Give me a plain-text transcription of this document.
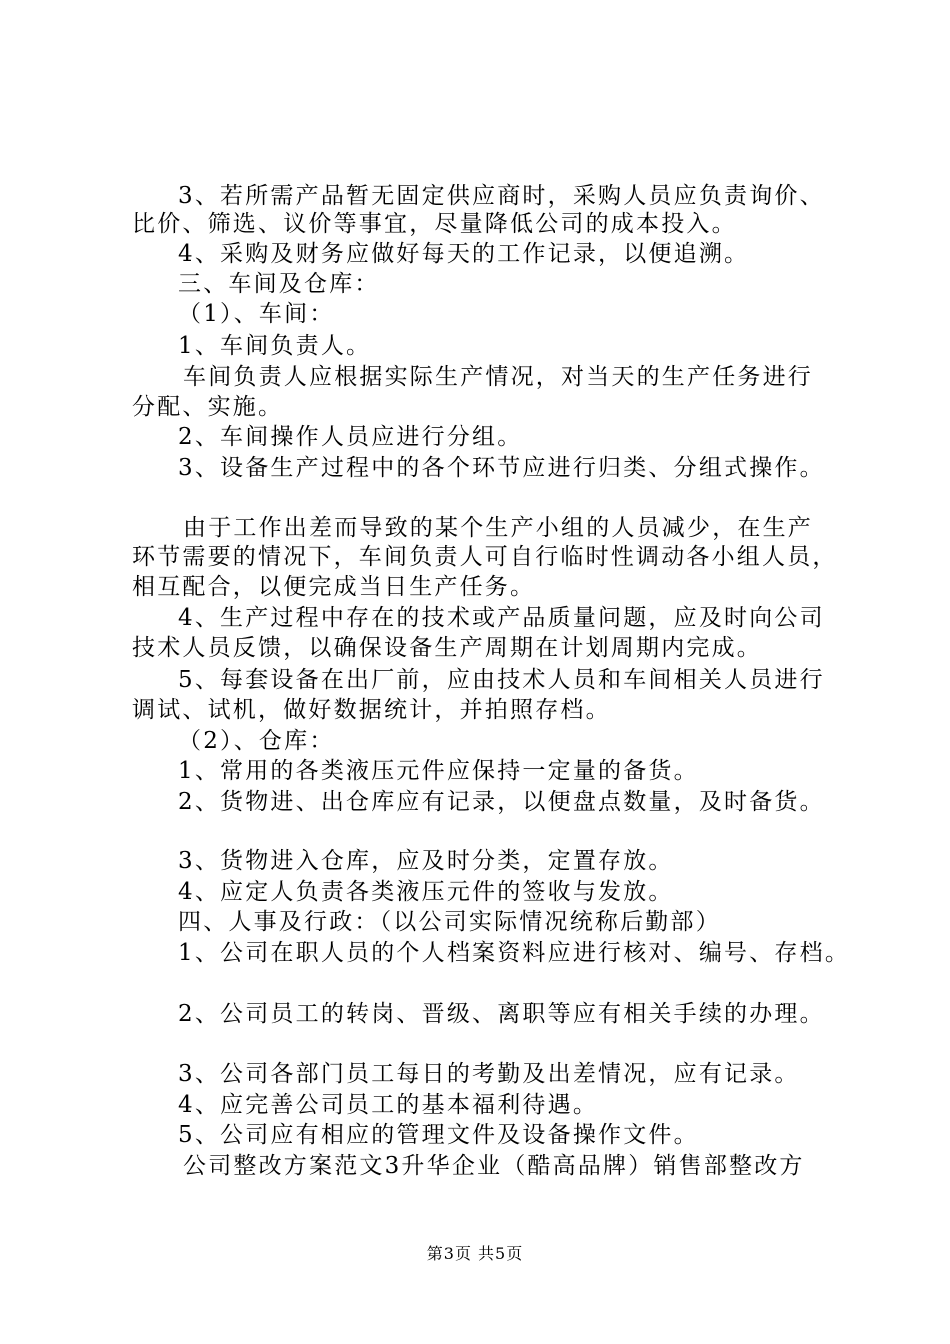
3、若所需产品暂无固定供应商时，采购人员应负责询价、
比价、筛选、议价等事宜，尽量降低公司的成本投入。
4、采购及财务应做好每天的工作记录，以便追溯。
三、车间及仓库：
（1）、车间：
1、车间负责人。
车间负责人应根据实际生产情况，对当天的生产任务进行
分配、实施。
2、车间操作人员应进行分组。
3、设备生产过程中的各个环节应进行归类、分组式操作。
由于工作出差而导致的某个生产小组的人员减少，在生产
环节需要的情况下，车间负责人可自行临时性调动各小组人员，
相互配合，以便完成当日生产任务。
4、生产过程中存在的技术或产品质量问题，应及时向公司
技术人员反馈，以确保设备生产周期在计划周期内完成。
5、每套设备在出厂前，应由技术人员和车间相关人员进行
调试、试机，做好数据统计，并拍照存档。
（2）、仓库：
1、常用的各类液压元件应保持一定量的备货。
2、货物进、出仓库应有记录，以便盘点数量，及时备货。
3、货物进入仓库，应及时分类，定置存放。
4、应定人负责各类液压元件的签收与发放。
四、人事及行政：（以公司实际情况统称后勤部）
1、公司在职人员的个人档案资料应进行核对、编号、存档。
2、公司员工的转岗、晋级、离职等应有相关手续的办理。
3、公司各部门员工每日的考勤及出差情况，应有记录。
4、应完善公司员工的基本福利待遇。
5、公司应有相应的管理文件及设备操作文件。
公司整改方案范文3升华企业（酷高品牌）销售部整改方
第3页 共5页
